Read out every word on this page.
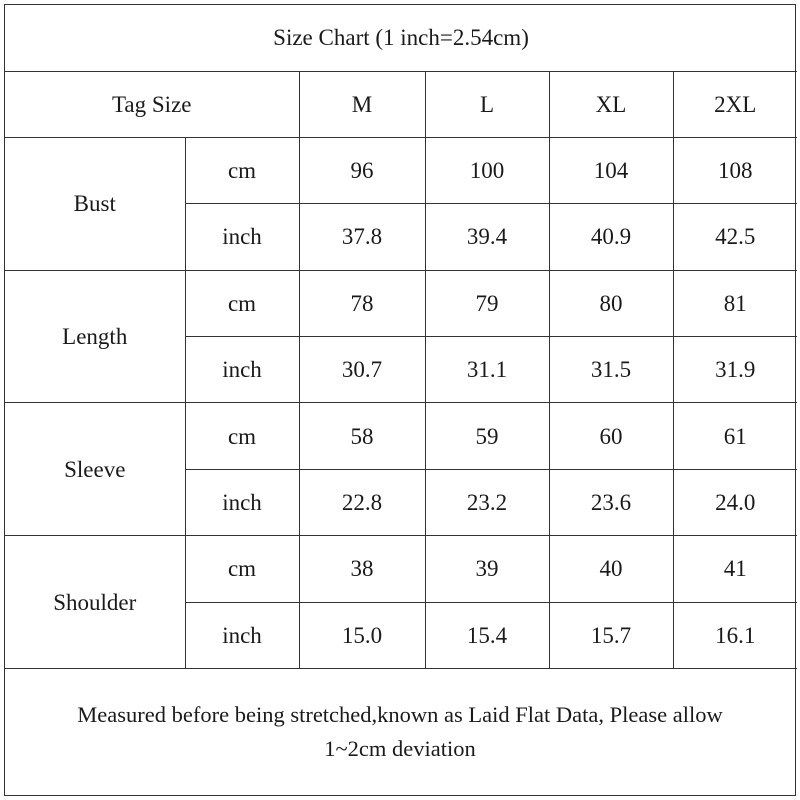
Size Chart (1 inch=2.54cm)					
Tag Size		M	L	XL	2XL
Bust	cm	96	100	104	108
	inch	37.8	39.4	40.9	42.5
Length	cm	78	79	80	81
	inch	30.7	31.1	31.5	31.9
Sleeve	cm	58	59	60	61
	inch	22.8	23.2	23.6	24.0
Shoulder	cm	38	39	40	41
	inch	15.0	15.4	15.7	16.1
Measured before being stretched,known as Laid Flat Data, Please allow
1~2cm deviation
